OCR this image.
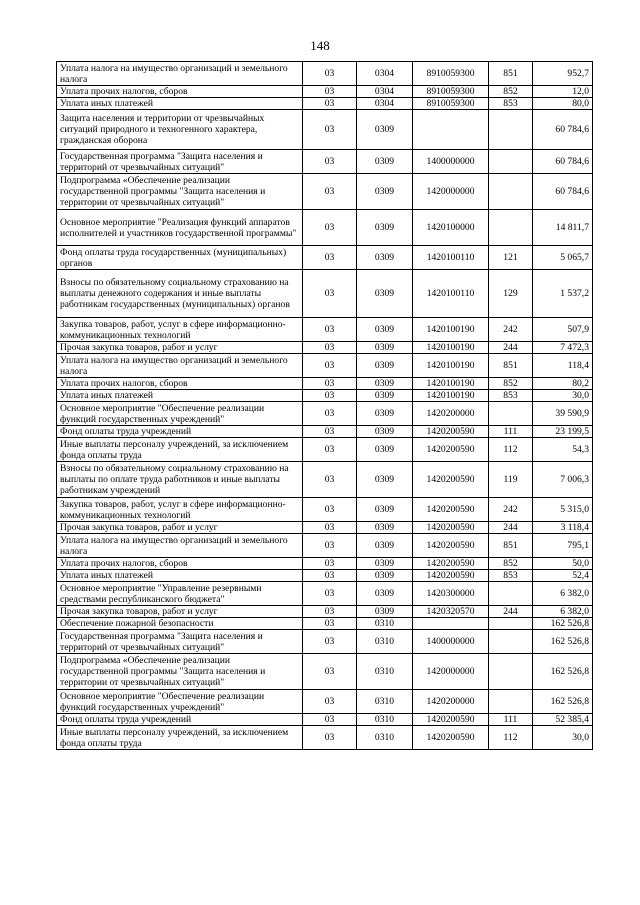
148
Уплата налога на имущество организаций и земельного налога	03	0304	8910059300	851	952,7
Уплата прочих налогов, сборов	03	0304	8910059300	852	12,0
Уплата иных платежей	03	0304	8910059300	853	80,0
Защита населения и территории от чрезвычайных ситуаций природного и техногенного характера, гражданская оборона	03	0309			60 784,6
Государственная программа "Защита населения и территорий от чрезвычайных ситуаций"	03	0309	1400000000		60 784,6
Подпрограмма «Обеспечение реализации государственной программы "Защита населения и территории от чрезвычайных ситуаций"	03	0309	1420000000		60 784,6
Основное мероприятие "Реализация функций аппаратов исполнителей и участников государственной программы"	03	0309	1420100000		14 811,7
Фонд оплаты труда государственных (муниципальных) органов	03	0309	1420100110	121	5 065,7
Взносы по обязательному социальному страхованию на выплаты денежного содержания и иные выплаты работникам государственных (муниципальных) органов	03	0309	1420100110	129	1 537,2
Закупка товаров, работ, услуг в сфере информационно-коммуникационных технологий	03	0309	1420100190	242	507,9
Прочая закупка товаров, работ и услуг	03	0309	1420100190	244	7 472,3
Уплата налога на имущество организаций и земельного налога	03	0309	1420100190	851	118,4
Уплата прочих налогов, сборов	03	0309	1420100190	852	80,2
Уплата иных платежей	03	0309	1420100190	853	30,0
Основное мероприятие "Обеспечение реализации функций государственных учреждений"	03	0309	1420200000		39 590,9
Фонд оплаты труда учреждений	03	0309	1420200590	111	23 199,5
Иные выплаты персоналу учреждений, за исключением фонда оплаты труда	03	0309	1420200590	112	54,3
Взносы по обязательному социальному страхованию на выплаты по оплате труда работников и иные выплаты работникам учреждений	03	0309	1420200590	119	7 006,3
Закупка товаров, работ, услуг в сфере информационно-коммуникационных технологий	03	0309	1420200590	242	5 315,0
Прочая закупка товаров, работ и услуг	03	0309	1420200590	244	3 118,4
Уплата налога на имущество организаций и земельного налога	03	0309	1420200590	851	795,1
Уплата прочих налогов, сборов	03	0309	1420200590	852	50,0
Уплата иных платежей	03	0309	1420200590	853	52,4
Основное мероприятие "Управление резервными средствами республиканского бюджета"	03	0309	1420300000		6 382,0
Прочая закупка товаров, работ и услуг	03	0309	1420320570	244	6 382,0
Обеспечение пожарной безопасности	03	0310			162 526,8
Государственная программа "Защита населения и территорий от чрезвычайных ситуаций"	03	0310	1400000000		162 526,8
Подпрограмма «Обеспечение реализации государственной программы "Защита населения и территории от чрезвычайных ситуаций"	03	0310	1420000000		162 526,8
Основное мероприятие "Обеспечение реализации функций государственных учреждений"	03	0310	1420200000		162 526,8
Фонд оплаты труда учреждений	03	0310	1420200590	111	52 385,4
Иные выплаты персоналу учреждений, за исключением фонда оплаты труда	03	0310	1420200590	112	30,0
